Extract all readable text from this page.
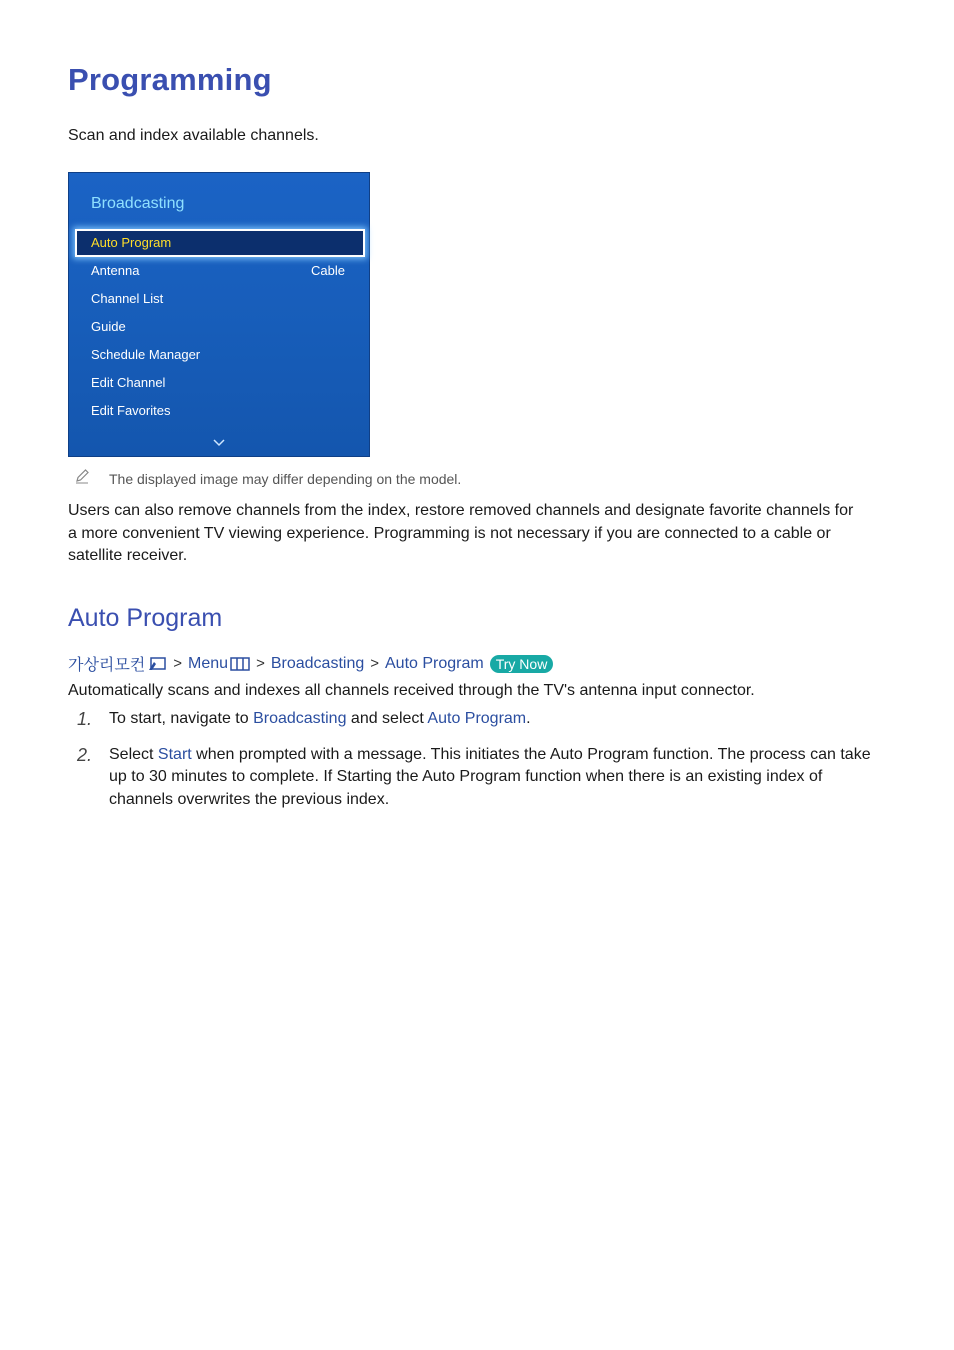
Programming

Scan and index available channels.

Broadcasting
Auto Program
Antenna	Cable
Channel List
Guide
Schedule Manager
Edit Channel
Edit Favorites
The displayed image may differ depending on the model.

Users can also remove channels from the index, restore removed channels and designate favorite channels for a more convenient TV viewing experience. Programming is not necessary if you are connected to a cable or satellite receiver.

Auto Program
가상리모컨 > Menu > Broadcasting > Auto Program Try Now

Automatically scans and indexes all channels received through the TV's antenna input connector.

1. To start, navigate to Broadcasting and select Auto Program.
2. Select Start when prompted with a message. This initiates the Auto Program function. The process can take up to 30 minutes to complete. If Starting the Auto Program function when there is an existing index of channels overwrites the previous index.
